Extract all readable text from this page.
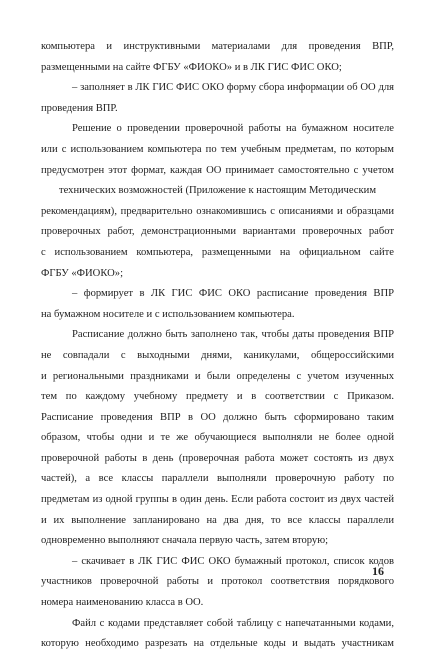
компьютера и инструктивными материалами для проведения ВПР,
размещенными на сайте ФГБУ «ФИОКО» и в ЛК ГИС ФИС ОКО;
– заполняет в ЛК ГИС ФИС ОКО форму сбора информации об ОО для
проведения ВПР.
Решение о проведении проверочной работы на бумажном носителе
или с использованием компьютера по тем учебным предметам, по которым
предусмотрен этот формат, каждая ОО принимает самостоятельно с учетом
технических возможностей (Приложение к настоящим Методическим
рекомендациям), предварительно ознакомившись с описаниями и образцами
проверочных работ, демонстрационными вариантами проверочных работ
с использованием компьютера, размещенными на официальном сайте
ФГБУ «ФИОКО»;
– формирует в ЛК ГИС ФИС ОКО расписание проведения ВПР
на бумажном носителе и с использованием компьютера.
Расписание должно быть заполнено так, чтобы даты проведения ВПР
не совпадали с выходными днями, каникулами, общероссийскими
и региональными праздниками и были определены с учетом изученных
тем по каждому учебному предмету и в соответствии с Приказом.
Расписание проведения ВПР в ОО должно быть сформировано таким
образом, чтобы одни и те же обучающиеся выполняли не более одной
проверочной работы в день (проверочная работа может состоять из двух
частей), а все классы параллели выполняли проверочную работу по
предметам из одной группы в один день. Если работа состоит из двух частей
и их выполнение запланировано на два дня, то все классы параллели
одновременно выполняют сначала первую часть, затем вторую;
– скачивает в ЛК ГИС ФИС ОКО бумажный протокол, список кодов
участников проверочной работы и протокол соответствия порядкового
номера наименованию класса в ОО.
Файл с кодами представляет собой таблицу с напечатанными кодами,
которую необходимо разрезать на отдельные коды и выдать участникам
16
